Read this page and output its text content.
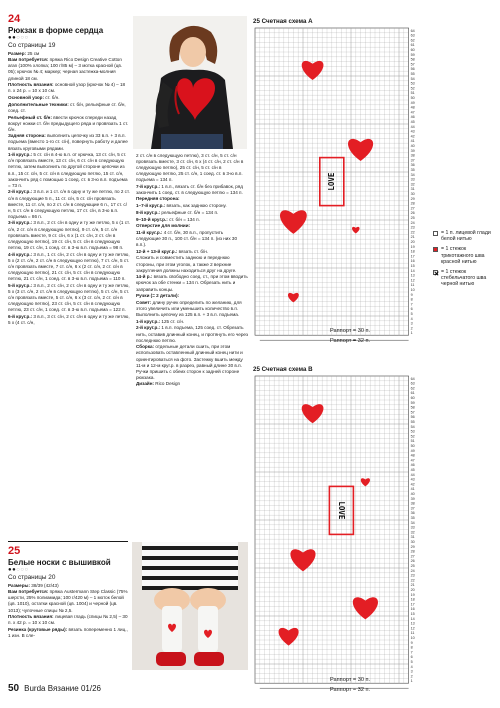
24
Рюкзак в форме сердца
●●○○○
Со страницы 19
Размер: 25 см
Вам потребуется: пряжа Rico Design Creative Cotton aran (100% хлопка; 100 г/85 м) – 3 мотка красной (цв. 05); крючок № 4; маркер; черная застежка-молния длиной 18 см.
Плотность вязания: основной узор (крючок № 4) – 18 п. х 24 р. = 10 х 10 см.
Основной узор: ст. б/н.
Дополнительные техники: ст. б/н, рельефные ст. б/н, соед. ст.
Рельефный ст. б/н: ввести крючок спереди назад вокруг ножки ст. б/н предыдущего ряда и провязать 1 ст. б/н.
Задняя сторона: выполнить цепочку из 33 в.п. + 3 в.п. подъема (вместо 1-го ст. с/н), повернуть работу и далее вязать круговыми рядами.
1-й круг.р.: 5 ст. с/н в 4-ю в.п. от крючка, 13 ст. с/н, 5 ст. с/н провязать вместе, 13 ст. с/н, 6 ст. с/н в следующую петлю, затем выполнить по другой стороне цепочки из в.п., 15 ст. с/н, 5 ст. с/н в следующую петлю, 15 ст. с/н, закончить ряд с помощью 1 соед. ст. в 3-ю в.п. подъема = 73 п.
2-й круг.р.: 3 в.п. и 1 ст. с/н в одну и ту же петлю, по 2 ст. с/н в следующие 5 п., 11 ст. с/н, 5 ст. с/н провязать вместе, 11 ст. с/н, по 2 ст. с/н в следующие 6 п., 17 ст. с/н, 5 ст. с/н в следующую петлю, 17 ст. с/н, в 3-ю в.п. подъема = 86 п.
3-й круг.р.: 3 в.п., 2 ст. с/н в одну и ту же петлю, 5 х (1 ст. с/н, 2 ст. с/н в следующую петлю), 9 ст. с/н, 5 ст. с/н провязать вместе, 9 ст. с/н, 6 х (1 ст. с/н, 2 ст. с/н в следующую петлю), 19 ст. с/н, 5 ст. с/н в следующую петлю, 19 ст. с/н, 1 соед. ст. в 3-ю в.п. подъема = 98 п.
4-й круг.р.: 3 в.п., 1 ст. с/н, 2 ст. с/н в одну и ту же петлю, 5 х (2 ст. с/н, 2 ст. с/н в следующую петлю), 7 ст. с/н, 5 ст. с/н провязать вместе, 7 ст. с/н, 6 х (2 ст. с/н, 2 ст. с/н в следующую петлю), 21 ст. с/н, 5 ст. с/н в следующую петлю, 21 ст. с/н, 1 соед. ст. в 3-ю в.п. подъема = 110 п.
5-й круг.р.: 3 в.п., 2 ст. с/н, 2 ст. с/н в одну и ту же петлю, 5 х (3 ст. с/н, 2 ст. с/н в следующую петлю), 5 ст. с/н, 5 ст. с/н провязать вместе, 5 ст. с/н, 6 х (3 ст. с/н, 2 ст. с/н в следующую петлю), 23 ст. с/н, 5 ст. с/н в следующую петлю, 23 ст. с/н, 1 соед. ст. в 3-ю в.п. подъема = 122 п.
6-й круг.р.: 3 в.п., 3 ст. с/н, 2 ст. с/н в одну и ту же петлю, 5 х (4 ст. с/н,
2 ст. с/н в следующую петлю), 3 ст. с/н, 5 ст. с/н провязать вместе, 3 ст. с/н, 6 х (4 ст. с/н, 2 ст. с/н в следующую петлю), 25 ст. с/н, 5 ст. с/н в следующую петлю, 25 ст. с/н, 1 соед. ст. в 3-ю в.п. подъема = 134 п.
7-й круг.р.: 1 в.п., вязать ст. б/н без прибавок, ряд закончить 1 соед. ст. в следующую петлю = 134 п.
Передняя сторона:
1–7-й круг.р.: вязать, как заднюю сторону.
8-й круг.р.: рельефные ст. б/н = 134 п.
9–10-й круг.р.: ст. б/н = 134 п.
Отверстие для молнии:
11-й круг.р.: 4 ст. б/н, 30 в.п., пропустить следующие 30 п., 100 ст. б/н = 134 п. (из них 30 в.п.).
12-й + 13-й круг.р.: вязать ст. б/н.
Сложить и совместить заднюю и переднюю стороны, при этом уголок, а также 2 верхние закругления должны находиться друг на друге.
14-й р.: вязать свободно соед. ст., при этом вводить крючок за обе стенки = 134 п. Обрезать нить и заправить концы.
Ручки (= 2 детали):
Совет: длину ручек определить по желанию, для этого увеличить или уменьшить количество в.п. Выполнить цепочку из 125 в.п. + 3 в.п. подъема.
1-й круг.р.: 125 ст. с/н.
2-й круг.р.: 1 в.п. подъема, 125 соед. ст. Обрезать нить, оставив длинный конец, и протянуть его через последнюю петлю.
Сборка: отдельные детали сшить, при этом использовать оставленный длинный конец нити и ориентироваться на фото. Застежку вшить между 11-м и 12-м круг.р. в разрез, равный длине 30 в.п. Ручки пришить с обеих сторон к задней стороне рюкзака.
Дизайн: Rico Design
25
Белые носки с вышивкой
●●○○○
Со страницы 20
Размеры: 38/39 (42/43)
Вам потребуется: пряжа Austermann Step Classic (75% шерсти, 25% полиамида; 100 г/420 м) – 1 моток белой (цв. 1010), остатки красной (цв. 1004) и черной (цв. 1013); чулочные спицы № 2,5.
Плотность вязания: лицевая гладь (спицы № 2,5) – 30 п. х 42 р. = 10 х 10 см.
Резинка (круговые ряды): вязать попеременно 1 лиц., 1 изн. В сле-
50 Burda Вязание 01/26
25 Счетная схема А
LOVE
64
63
62
61
60
59
58
57
56
55
54
53
52
51
50
49
48
47
46
45
44
43
42
41
40
39
38
37
36
35
34
33
32
31
30
29
28
27
26
25
24
23
22
21
20
19
18
17
16
15
14
13
12
11
10
9
8
7
6
5
4
3
2
1
Раппорт = 30 п.
Раппорт = 32 п.
25 Счетная схема В
LOVE
64
63
62
61
60
59
58
57
56
55
54
53
52
51
50
49
48
47
46
45
44
43
42
41
40
39
38
37
36
35
34
33
32
31
30
29
28
27
26
25
24
23
22
21
20
19
18
17
16
15
14
13
12
11
10
9
8
7
6
5
4
3
2
1
Раппорт = 30 п.
Раппорт = 32 п.
= 1 п. лицевой глади белой нитью
= 1 стежок трикотажного шва красной нитью
= 1 стежок стебельчатого шва черной нитью
